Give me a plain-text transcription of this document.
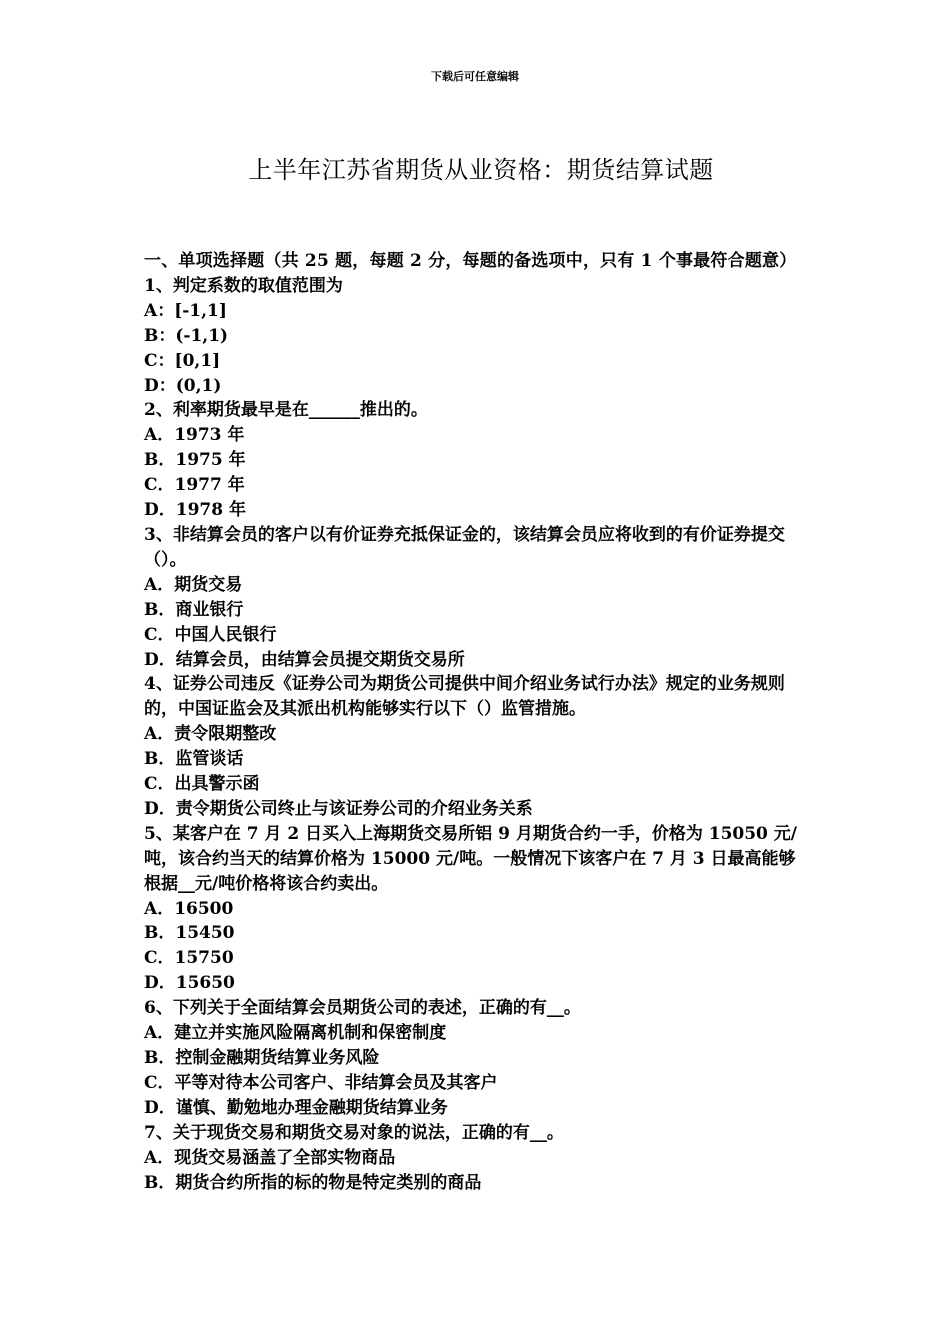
下载后可任意编辑
上半年江苏省期货从业资格：期货结算试题
一、单项选择题（共 25 题，每题 2 分，每题的备选项中，只有 1 个事最符合题意）
1、判定系数的取值范围为
A：[-1,1]
B：(-1,1)
C：[0,1]
D：(0,1)
2、利率期货最早是在______推出的。
A．1973 年
B．1975 年
C．1977 年
D．1978 年
3、非结算会员的客户以有价证券充抵保证金的，该结算会员应将收到的有价证券提交（）。
A．期货交易
B．商业银行
C．中国人民银行
D．结算会员，由结算会员提交期货交易所
4、证券公司违反《证券公司为期货公司提供中间介绍业务试行办法》规定的业务规则的，中国证监会及其派出机构能够实行以下（）监管措施。
A．责令限期整改
B．监管谈话
C．出具警示函
D．责令期货公司终止与该证券公司的介绍业务关系
5、某客户在 7 月 2 日买入上海期货交易所铝 9 月期货合约一手，价格为 15050 元/吨，该合约当天的结算价格为 15000 元/吨。一般情况下该客户在 7 月 3 日最高能够根据__元/吨价格将该合约卖出。
A．16500
B．15450
C．15750
D．15650
6、下列关于全面结算会员期货公司的表述，正确的有__。
A．建立并实施风险隔离机制和保密制度
B．控制金融期货结算业务风险
C．平等对待本公司客户、非结算会员及其客户
D．谨慎、勤勉地办理金融期货结算业务
7、关于现货交易和期货交易对象的说法，正确的有__。
A．现货交易涵盖了全部实物商品
B．期货合约所指的标的物是特定类别的商品
